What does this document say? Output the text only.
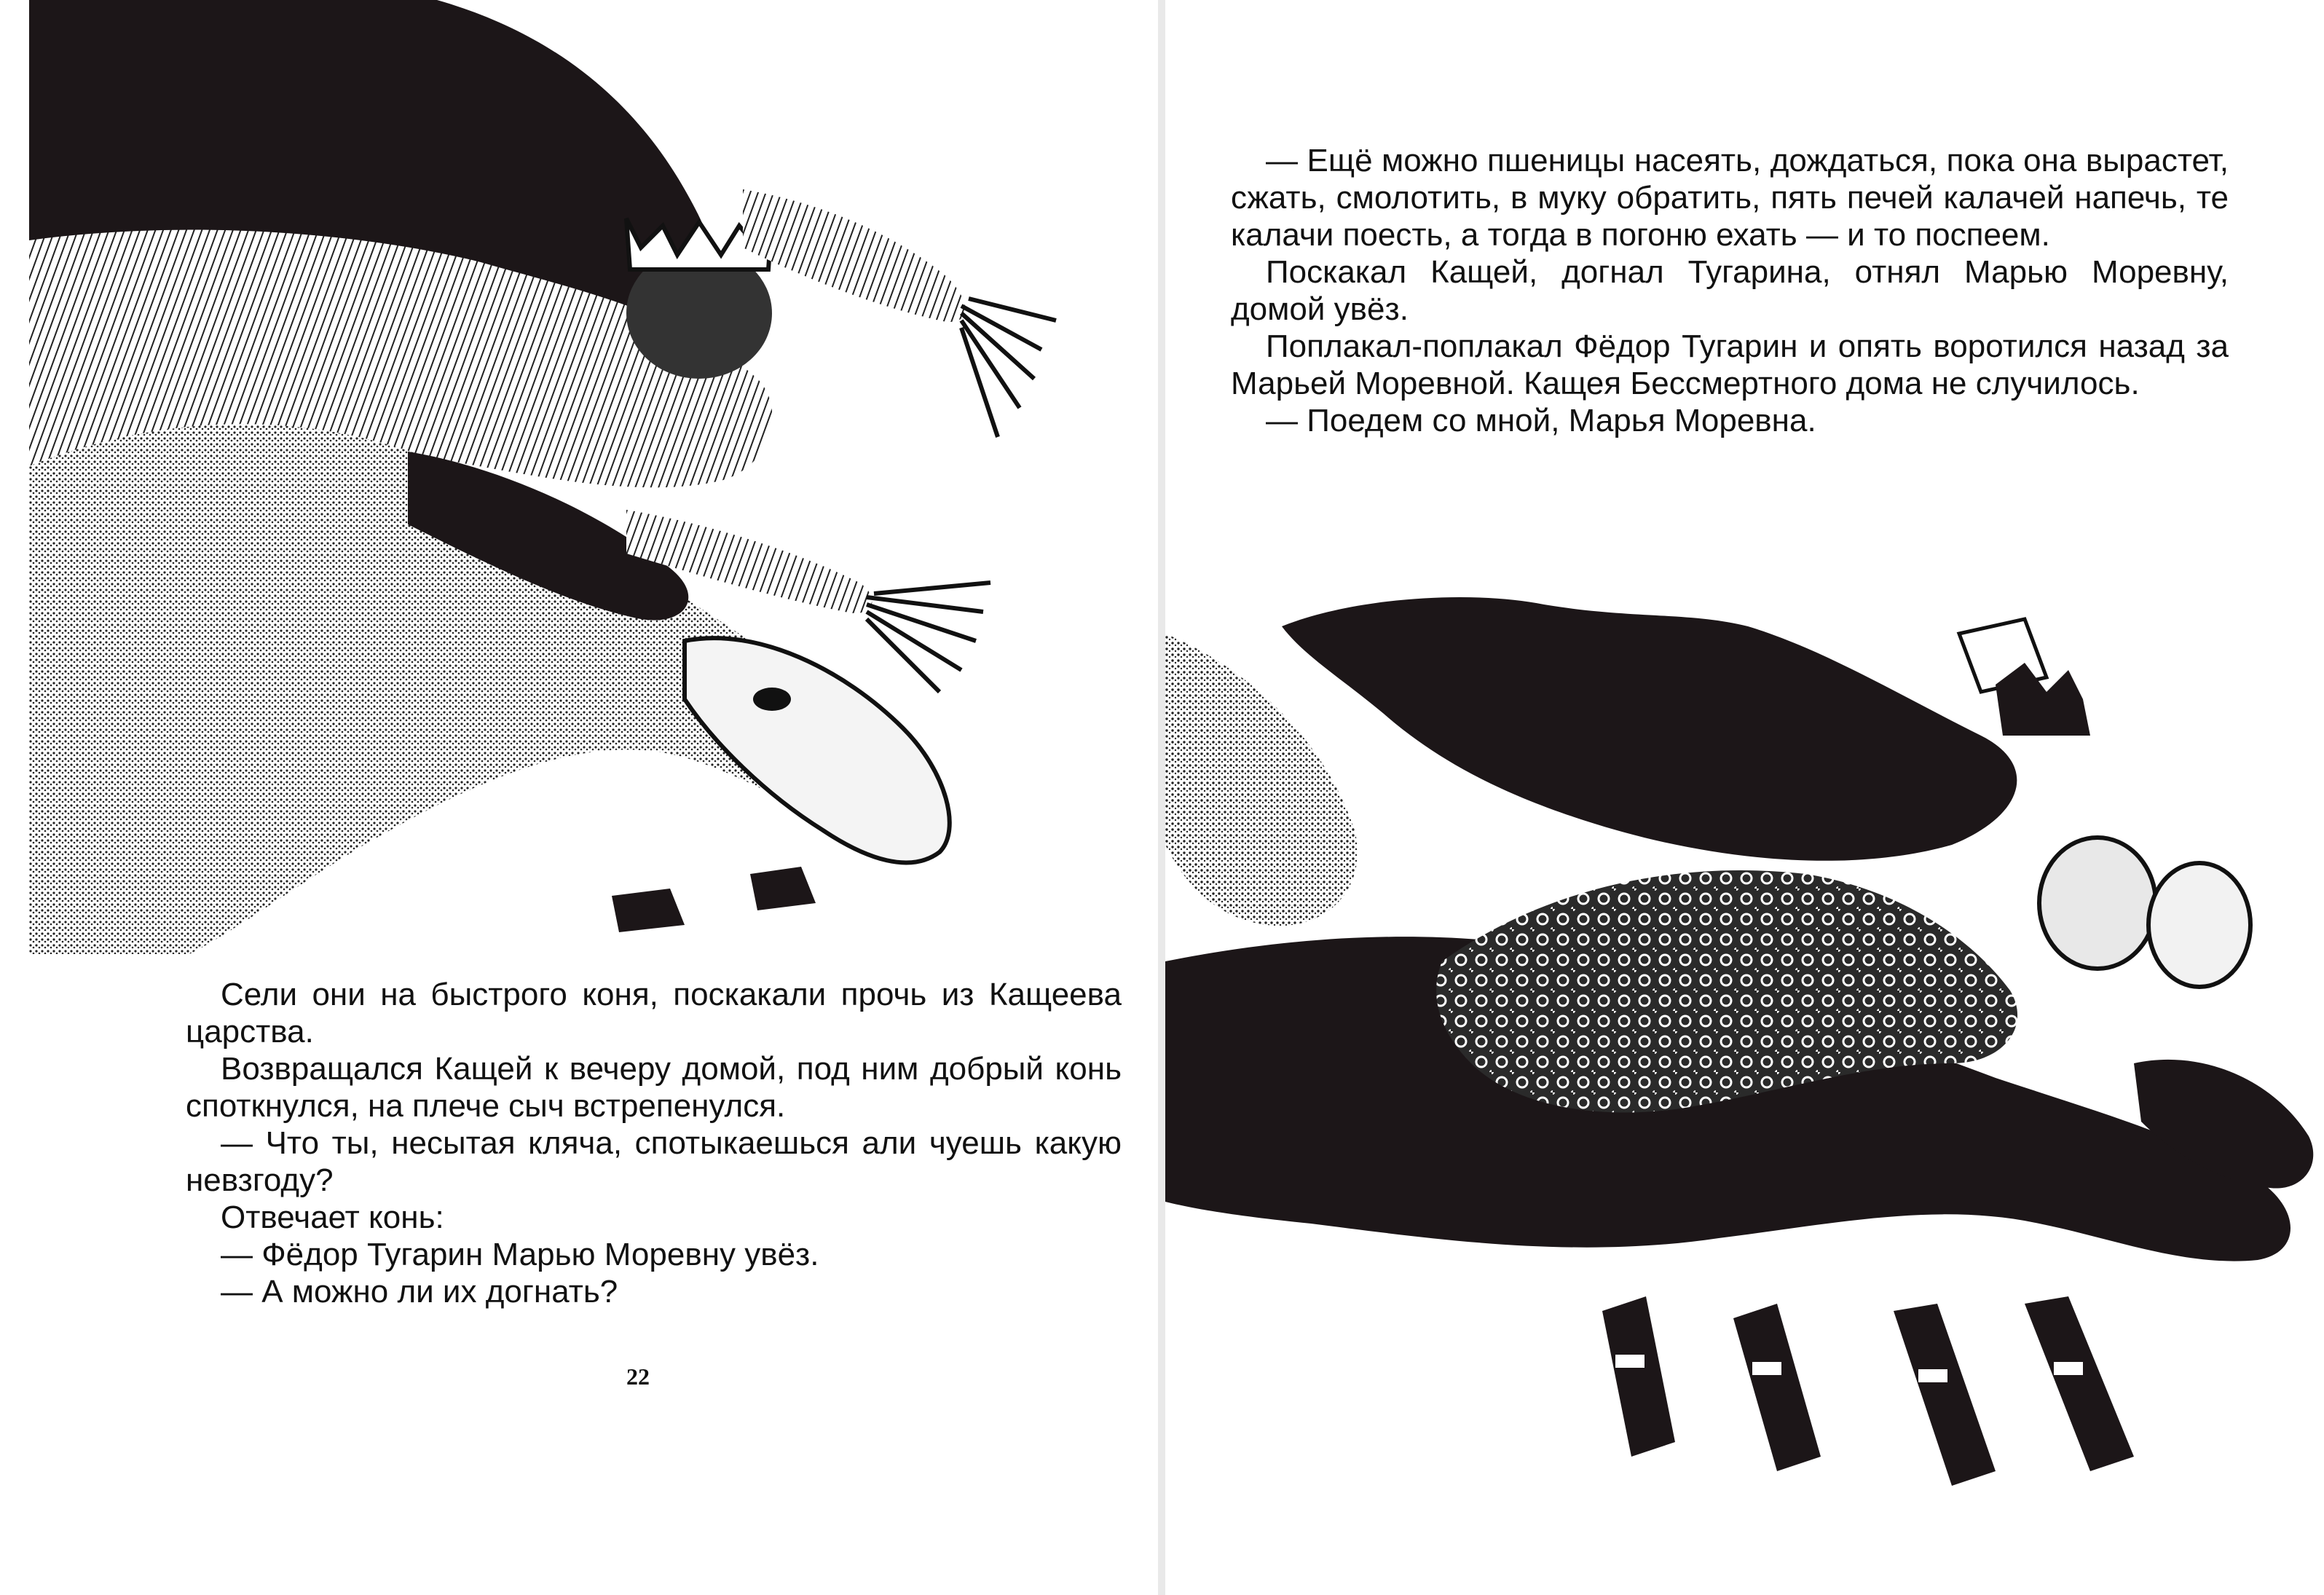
Сели они на быстрого коня, поскакали прочь из Кащеева царства.

Возвращался Кащей к вечеру домой, под ним добрый конь споткнулся, на плече сыч встрепенулся.

— Что ты, несытая кляча, спотыкаешься али чуешь какую невзгоду?

Отвечает конь:

— Фёдор Тугарин Марью Моревну увёз.

— А можно ли их догнать?

22

— Ещё можно пшеницы насеять, дождаться, пока она вырастет, сжать, смолотить, в муку обратить, пять печей калачей напечь, те калачи поесть, а тогда в погоню ехать — и то поспеем.

Поскакал Кащей, догнал Тугарина, отнял Марью Моревну, домой увёз.

Поплакал-поплакал Фёдор Тугарин и опять воротился назад за Марьей Моревной. Кащея Бессмертного дома не случилось.

— Поедем со мной, Марья Моревна.
